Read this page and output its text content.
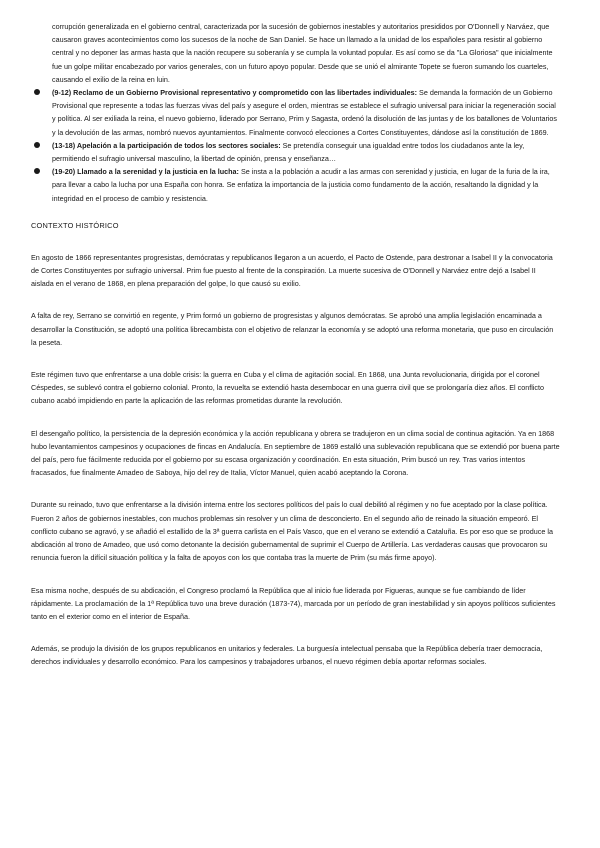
corrupción generalizada en el gobierno central, caracterizada por la sucesión de gobiernos inestables y autoritarios presididos por O'Donnell y Narváez, que causaron graves acontecimientos como los sucesos de la noche de San Daniel. Se hace un llamado a la unidad de los españoles para resistir al gobierno central y no deponer las armas hasta que la nación recupere su soberanía y se cumpla la voluntad popular. Es así como se da "La Gloriosa" que inicialmente fue un golpe militar encabezado por varios generales, con un futuro apoyo popular. Desde que se unió el almirante Topete se fueron sumando los cuarteles, causando el exilio de la reina en luin.

(9-12) Reclamo de un Gobierno Provisional representativo y comprometido con las libertades individuales: Se demanda la formación de un Gobierno Provisional que represente a todas las fuerzas vivas del país y asegure el orden, mientras se establece el sufragio universal para iniciar la regeneración social y política. Al ser exiliada la reina, el nuevo gobierno, liderado por Serrano, Prim y Sagasta, ordenó la disolución de las juntas y de los batallones de Voluntarios y la devolución de las armas, nombró nuevos ayuntamientos. Finalmente convocó elecciones a Cortes Constituyentes, dándose así la constitución de 1869.
(13-18) Apelación a la participación de todos los sectores sociales: Se pretendía conseguir una igualdad entre todos los ciudadanos ante la ley, permitiendo el sufragio universal masculino, la libertad de opinión, prensa y enseñanza…
(19-20) Llamado a la serenidad y la justicia en la lucha: Se insta a la población a acudir a las armas con serenidad y justicia, en lugar de la furia de la ira, para llevar a cabo la lucha por una España con honra. Se enfatiza la importancia de la justicia como fundamento de la acción, resaltando la dignidad y la integridad en el proceso de cambio y resistencia.

CONTEXTO HISTÓRICO

En agosto de 1866 representantes progresistas, demócratas y republicanos llegaron a un acuerdo, el Pacto de Ostende, para destronar a Isabel II y la convocatoria de Cortes Constituyentes por sufragio universal. Prim fue puesto al frente de la conspiración. La muerte sucesiva de O'Donnell y Narváez entre dejó a Isabel II aislada en el verano de 1868, en plena preparación del golpe, lo que causó su exilio.

A falta de rey, Serrano se convirtió en regente, y Prim formó un gobierno de progresistas y algunos demócratas. Se aprobó una amplia legislación encaminada a desarrollar la Constitución, se adoptó una política librecambista con el objetivo de relanzar la economía y se adoptó una reforma monetaria, que puso en circulación la peseta.

Este régimen tuvo que enfrentarse a una doble crisis: la guerra en Cuba y el clima de agitación social. En 1868, una Junta revolucionaria, dirigida por el coronel Céspedes, se sublevó contra el gobierno colonial. Pronto, la revuelta se extendió hasta desembocar en una guerra civil que se prolongaría diez años. El conflicto cubano acabó impidiendo en parte la aplicación de las reformas prometidas durante la revolución.

El desengaño político, la persistencia de la depresión económica y la acción republicana y obrera se tradujeron en un clima social de continua agitación. Ya en 1868 hubo levantamientos campesinos y ocupaciones de fincas en Andalucía. En septiembre de 1869 estalló una sublevación republicana que se extendió por buena parte del país, pero fue fácilmente reducida por el gobierno por su escasa organización y coordinación. En esta situación, Prim buscó un rey. Tras varios intentos fracasados, fue finalmente Amadeo de Saboya, hijo del rey de Italia, Víctor Manuel, quien acabó aceptando la Corona.

Durante su reinado, tuvo que enfrentarse a la división interna entre los sectores políticos del país lo cual debilitó al régimen y no fue aceptado por la clase política. Fueron 2 años de gobiernos inestables, con muchos problemas sin resolver y un clima de desconcierto. En el segundo año de reinado la situación empeoró. El conflicto cubano se agravó, y se añadió el estallido de la 3ª guerra carlista en el País Vasco, que en el verano se extendió a Cataluña. Es por eso que se produce la abdicación al trono de Amadeo, que usó como detonante la decisión gubernamental de suprimir el Cuerpo de Artillería. Las verdaderas causas que provocaron su renuncia fueron la difícil situación política y la falta de apoyos con los que contaba tras la muerte de Prim (su más firme apoyo).

Esa misma noche, después de su abdicación, el Congreso proclamó la República que al inicio fue liderada por Figueras, aunque se fue cambiando de líder rápidamente. La proclamación de la 1ª República tuvo una breve duración (1873-74), marcada por un período de gran inestabilidad y sin apoyos políticos suficientes tanto en el exterior como en el interior de España.

Además, se produjo la división de los grupos republicanos en unitarios y federales. La burguesía intelectual pensaba que la República debería traer democracia, derechos individuales y desarrollo económico. Para los campesinos y trabajadores urbanos, el nuevo régimen debía aportar reformas sociales.
